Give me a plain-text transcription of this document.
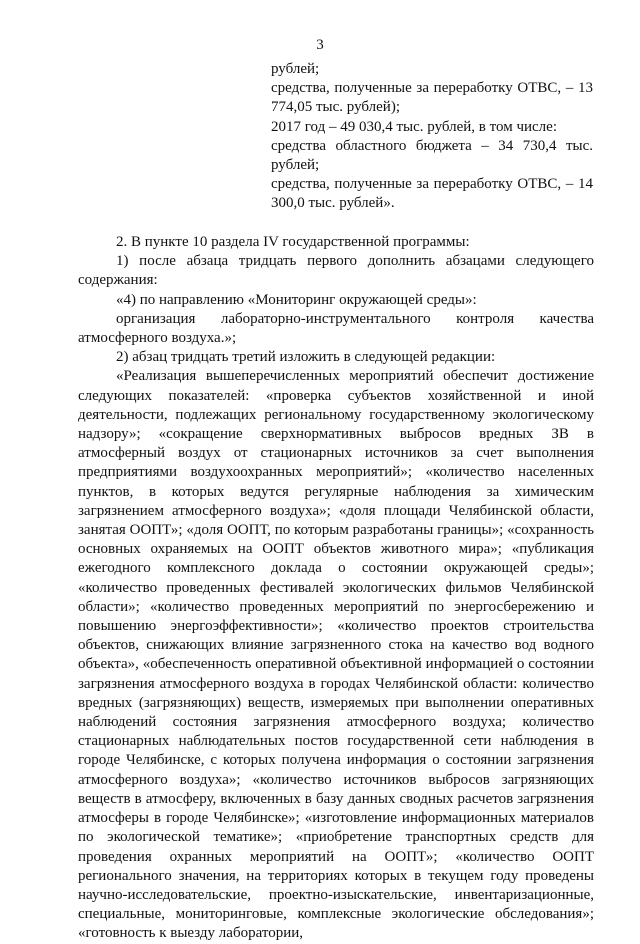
3

рублей;

средства, полученные за переработку ОТВС, – 13 774,05 тыс. рублей);

2017 год – 49 030,4 тыс. рублей, в том числе:

средства областного бюджета – 34 730,4 тыс. рублей;

средства, полученные за переработку ОТВС, – 14 300,0 тыс. рублей».

2. В пункте 10 раздела IV государственной программы:

1) после абзаца тридцать первого дополнить абзацами следующего содержания:

«4) по направлению «Мониторинг окружающей среды»:

организация лабораторно-инструментального контроля качества атмосферного воздуха.»;

2) абзац тридцать третий изложить в следующей редакции:

«Реализация вышеперечисленных мероприятий обеспечит достижение следующих показателей: «проверка субъектов хозяйственной и иной деятельности, подлежащих региональному государственному экологическому надзору»; «сокращение сверхнормативных выбросов вредных ЗВ в атмосферный воздух от стационарных источников за счет выполнения предприятиями воздухоохранных мероприятий»; «количество населенных пунктов, в которых ведутся регулярные наблюдения за химическим загрязнением атмосферного воздуха»; «доля площади Челябинской области, занятая ООПТ»; «доля ООПТ, по которым разработаны границы»; «сохранность основных охраняемых на ООПТ объектов животного мира»; «публикация ежегодного комплексного доклада о состоянии окружающей среды»; «количество проведенных фестивалей экологических фильмов Челябинской области»; «количество проведенных мероприятий по энергосбережению и повышению энергоэффективности»; «количество проектов строительства объектов, снижающих влияние загрязненного стока на качество вод водного объекта», «обеспеченность оперативной объективной информацией о состоянии загрязнения атмосферного воздуха в городах Челябинской области: количество вредных (загрязняющих) веществ, измеряемых при выполнении оперативных наблюдений состояния загрязнения атмосферного воздуха; количество стационарных наблюдательных постов государственной сети наблюдения в городе Челябинске, с которых получена информация о состоянии загрязнения атмосферного воздуха»; «количество источников выбросов загрязняющих веществ в атмосферу, включенных в базу данных сводных расчетов загрязнения атмосферы в городе Челябинске»; «изготовление информационных материалов по экологической тематике»; «приобретение транспортных средств для проведения охранных мероприятий на ООПТ»; «количество ООПТ регионального значения, на территориях которых в текущем году проведены научно-исследовательские, проектно-изыскательские, инвентаризационные, специальные, мониторинговые, комплексные экологические обследования»; «готовность к выезду лаборатории,
